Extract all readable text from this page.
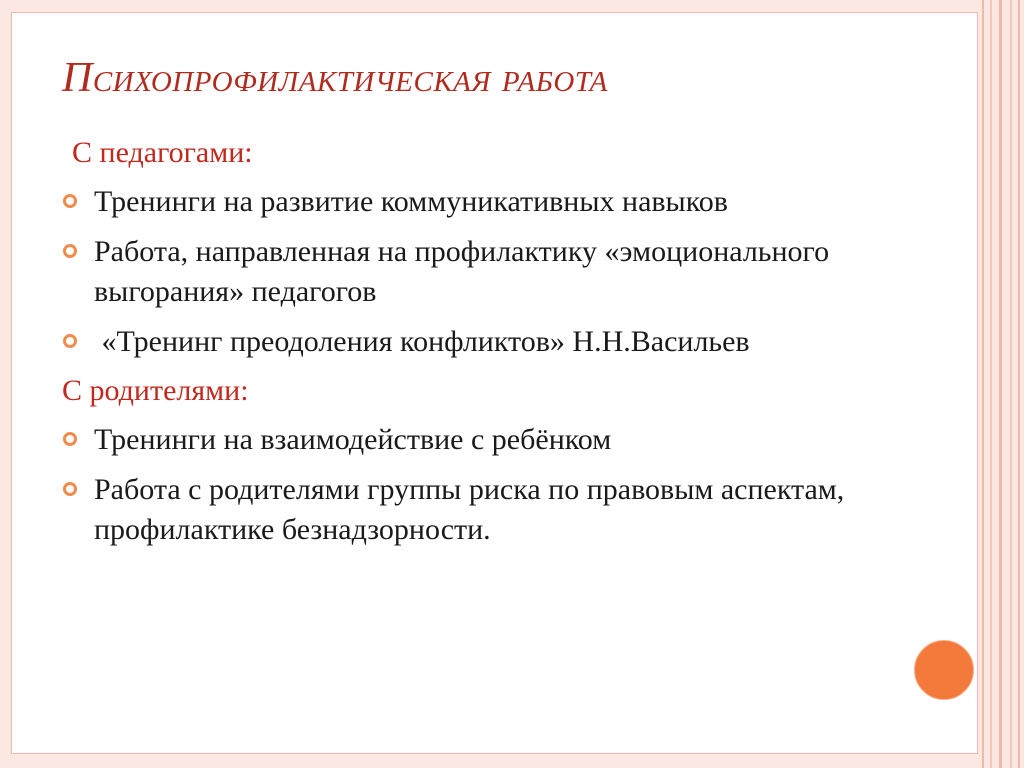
Психопрофилактическая работа
С педагогами:
Тренинги на развитие коммуникативных навыков
Работа, направленная на профилактику «эмоционального выгорания» педагогов
«Тренинг преодоления конфликтов» Н.Н.Васильев
С родителями:
Тренинги на взаимодействие с ребёнком
Работа с родителями группы риска по правовым аспектам, профилактике безнадзорности.
